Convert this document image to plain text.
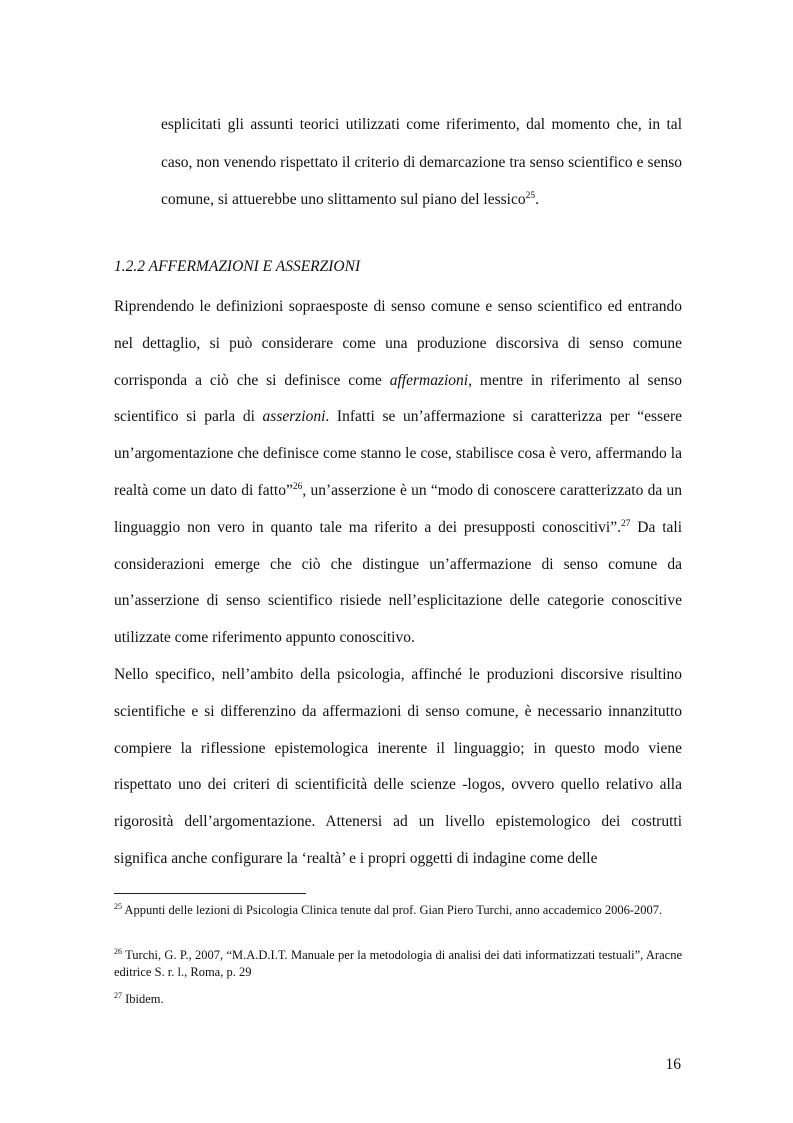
esplicitati gli assunti teorici utilizzati come riferimento, dal momento che, in tal caso, non venendo rispettato il criterio di demarcazione tra senso scientifico e senso comune, si attuerebbe uno slittamento sul piano del lessico$^{25}$.

1.2.2 AFFERMAZIONI E ASSERZIONI

Riprendendo le definizioni sopraesposte di senso comune e senso scientifico ed entrando nel dettaglio, si può considerare come una produzione discorsiva di senso comune corrisponda a ciò che si definisce come affermazioni, mentre in riferimento al senso scientifico si parla di asserzioni. Infatti se un’affermazione si caratterizza per “essere un’argomentazione che definisce come stanno le cose, stabilisce cosa è vero, affermando la realtà come un dato di fatto”$^{26}$, un’asserzione è un “modo di conoscere caratterizzato da un linguaggio non vero in quanto tale ma riferito a dei presupposti conoscitivi”.$^{27}$ Da tali considerazioni emerge che ciò che distingue un’affermazione di senso comune da un’asserzione di senso scientifico risiede nell’esplicitazione delle categorie conoscitive utilizzate come riferimento appunto conoscitivo.

Nello specifico, nell’ambito della psicologia, affinché le produzioni discorsive risultino scientifiche e si differenzino da affermazioni di senso comune, è necessario innanzitutto compiere la riflessione epistemologica inerente il linguaggio; in questo modo viene rispettato uno dei criteri di scientificità delle scienze -logos, ovvero quello relativo alla rigorosità dell’argomentazione. Attenersi ad un livello epistemologico dei costrutti significa anche configurare la ‘realtà’ e i propri oggetti di indagine come delle

$^{25}$ Appunti delle lezioni di Psicologia Clinica tenute dal prof. Gian Piero Turchi, anno accademico 2006-2007.

$^{26}$ Turchi, G. P., 2007, “M.A.D.I.T. Manuale per la metodologia di analisi dei dati informatizzati testuali”, Aracne editrice S. r. l., Roma, p. 29

$^{27}$ Ibidem.

16
